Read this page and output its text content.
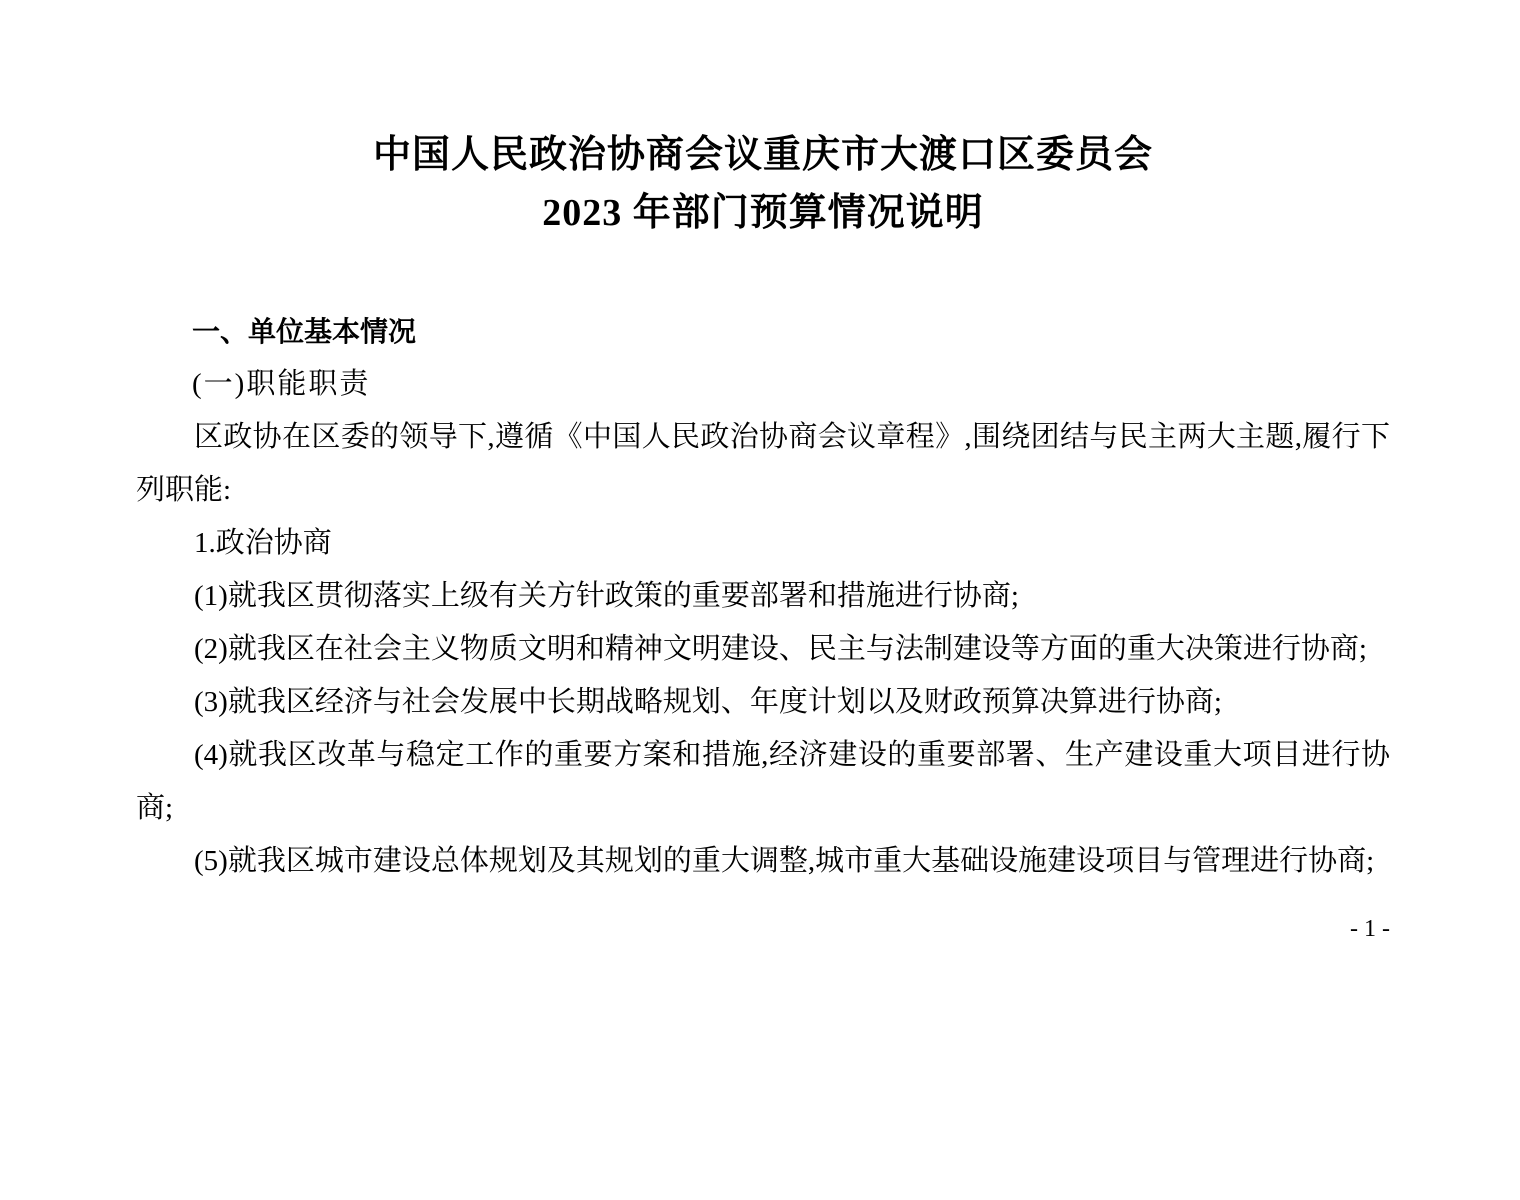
中国人民政治协商会议重庆市大渡口区委员会
2023 年部门预算情况说明
一、单位基本情况
(一)职能职责

区政协在区委的领导下,遵循《中国人民政治协商会议章程》,围绕团结与民主两大主题,履行下列职能:

1.政治协商

(1)就我区贯彻落实上级有关方针政策的重要部署和措施进行协商;

(2)就我区在社会主义物质文明和精神文明建设、民主与法制建设等方面的重大决策进行协商;

(3)就我区经济与社会发展中长期战略规划、年度计划以及财政预算决算进行协商;

(4)就我区改革与稳定工作的重要方案和措施,经济建设的重要部署、生产建设重大项目进行协商;

(5)就我区城市建设总体规划及其规划的重大调整,城市重大基础设施建设项目与管理进行协商;

- 1 -
